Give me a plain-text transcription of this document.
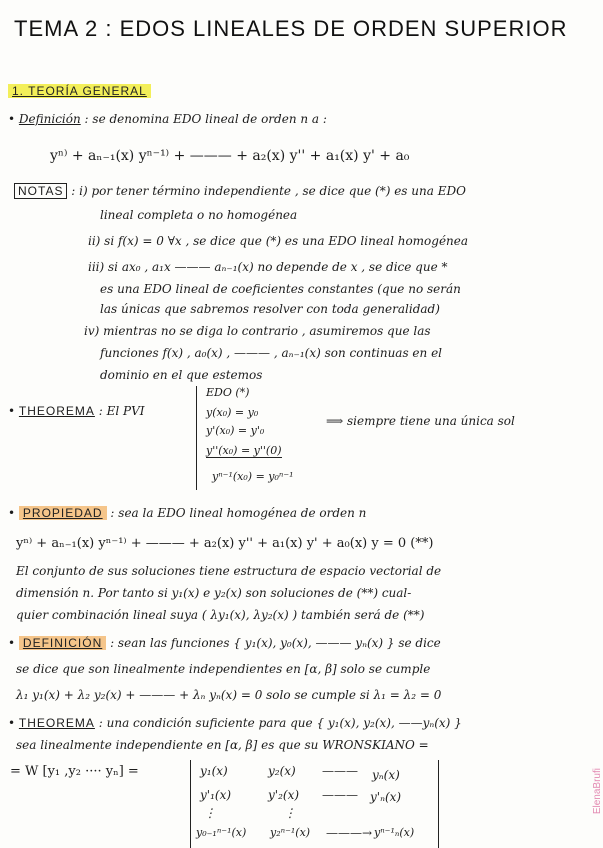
TEMA 2 : EDOS LINEALES DE ORDEN SUPERIOR
1. TEORÍA GENERAL
• Definición : se denomina EDO lineal de orden n a :
yⁿ⁾ + aₙ₋₁(x) yⁿ⁻¹⁾ + ——— + a₂(x) y'' + a₁(x) y' + a₀
NOTAS : i) por tener término independiente , se dice que (*) es una EDO
lineal completa o no homogénea
ii) si f(x) = 0 ∀x , se dice que (*) es una EDO lineal homogénea
iii) si ax₀ , a₁x ——— aₙ₋₁(x) no depende de x , se dice que *
es una EDO lineal de coeficientes constantes (que no serán
las únicas que sabremos resolver con toda generalidad)
iv) mientras no se diga lo contrario , asumiremos que las
funciones f(x) , a₀(x) , ——— , aₙ₋₁(x) son continuas en el
dominio en el que estemos
• THEOREMA : El PVI
EDO (*)
y(x₀) = y₀
y'(x₀) = y'₀
y''(x₀) = y''(0)
yⁿ⁻¹(x₀) = y₀ⁿ⁻¹
⟹ siempre tiene una única sol
• PROPIEDAD : sea la EDO lineal homogénea de orden n
yⁿ⁾ + aₙ₋₁(x) yⁿ⁻¹⁾ + ——— + a₂(x) y'' + a₁(x) y' + a₀(x) y = 0 (**)
El conjunto de sus soluciones tiene estructura de espacio vectorial de
dimensión n. Por tanto si y₁(x) e y₂(x) son soluciones de (**) cual-
quier combinación lineal suya ( λy₁(x), λy₂(x) ) también será de (**)
• DEFINICIÓN : sean las funciones { y₁(x), y₀(x), ——— yₙ(x) } se dice
se dice que son linealmente independientes en [α, β] solo se cumple
λ₁ y₁(x) + λ₂ y₂(x) + ——— + λₙ yₙ(x) = 0 solo se cumple si λ₁ = λ₂ = 0
• THEOREMA : una condición suficiente para que { y₁(x), y₂(x), ——yₙ(x) }
sea linealmente independiente en [α, β] es que su WRONSKIANO =
= W [y₁ ,y₂ ···· yₙ] =	y₁(x)	y₂(x) ——— yₙ(x)
y'₁(x)	y'₂(x) ——— y'ₙ(x)
⋮	⋮
y₀₋₁ⁿ⁻¹(x) y₂ⁿ⁻¹(x) ———→ yⁿ⁻¹ₙ(x)
ElenaBrufi
